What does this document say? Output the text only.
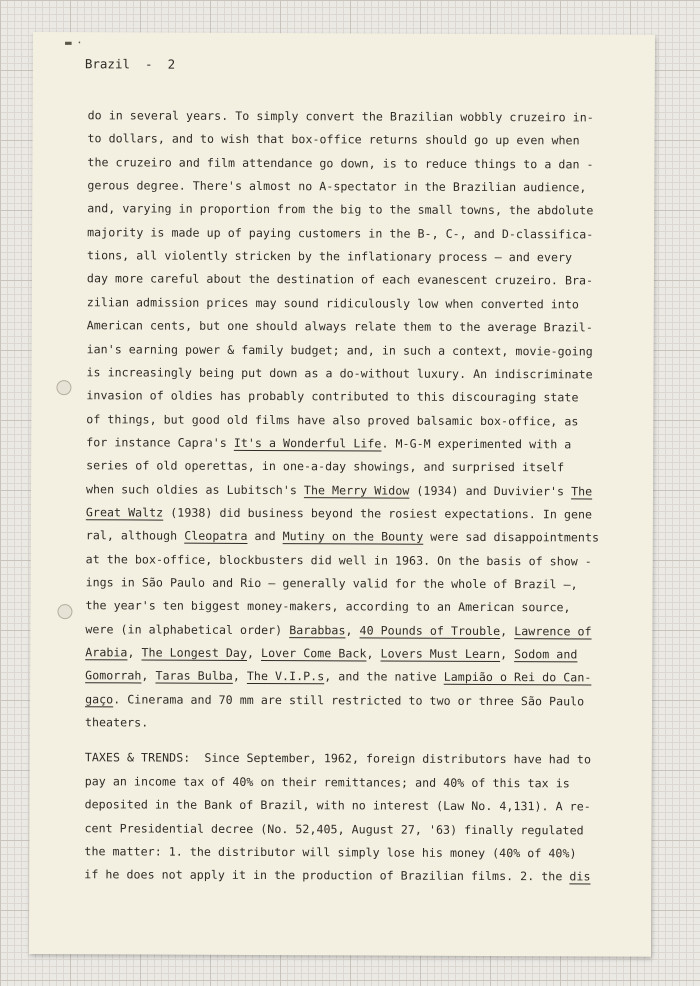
▬ ·
Brazil  -  2
do in several years. To simply convert the Brazilian wobbly cruzeiro in-
to dollars, and to wish that box-office returns should go up even when
the cruzeiro and film attendance go down, is to reduce things to a dan -
gerous degree. There's almost no A-spectator in the Brazilian audience,
and, varying in proportion from the big to the small towns, the abdolute
majority is made up of paying customers in the B-, C-, and D-classifica-
tions, all violently stricken by the inflationary process — and every
day more careful about the destination of each evanescent cruzeiro. Bra-
zilian admission prices may sound ridiculously low when converted into
American cents, but one should always relate them to the average Brazil-
ian's earning power & family budget; and, in such a context, movie-going
is increasingly being put down as a do-without luxury. An indiscriminate
invasion of oldies has probably contributed to this discouraging state
of things, but good old films have also proved balsamic box-office, as
for instance Capra's It's a Wonderful Life. M-G-M experimented with a
series of old operettas, in one-a-day showings, and surprised itself
when such oldies as Lubitsch's The Merry Widow (1934) and Duvivier's The
Great Waltz (1938) did business beyond the rosiest expectations. In gene
ral, although Cleopatra and Mutiny on the Bounty were sad disappointments
at the box-office, blockbusters did well in 1963. On the basis of show -
ings in São Paulo and Rio — generally valid for the whole of Brazil —,
the year's ten biggest money-makers, according to an American source,
were (in alphabetical order) Barabbas, 40 Pounds of Trouble, Lawrence of
Arabia, The Longest Day, Lover Come Back, Lovers Must Learn, Sodom and
Gomorrah, Taras Bulba, The V.I.P.s, and the native Lampião o Rei do Can-
gaço. Cinerama and 70 mm are still restricted to two or three São Paulo
theaters.
TAXES & TRENDS:  Since September, 1962, foreign distributors have had to
pay an income tax of 40% on their remittances; and 40% of this tax is
deposited in the Bank of Brazil, with no interest (Law No. 4,131). A re-
cent Presidential decree (No. 52,405, August 27, '63) finally regulated
the matter: 1. the distributor will simply lose his money (40% of 40%)
if he does not apply it in the production of Brazilian films. 2. the dis
